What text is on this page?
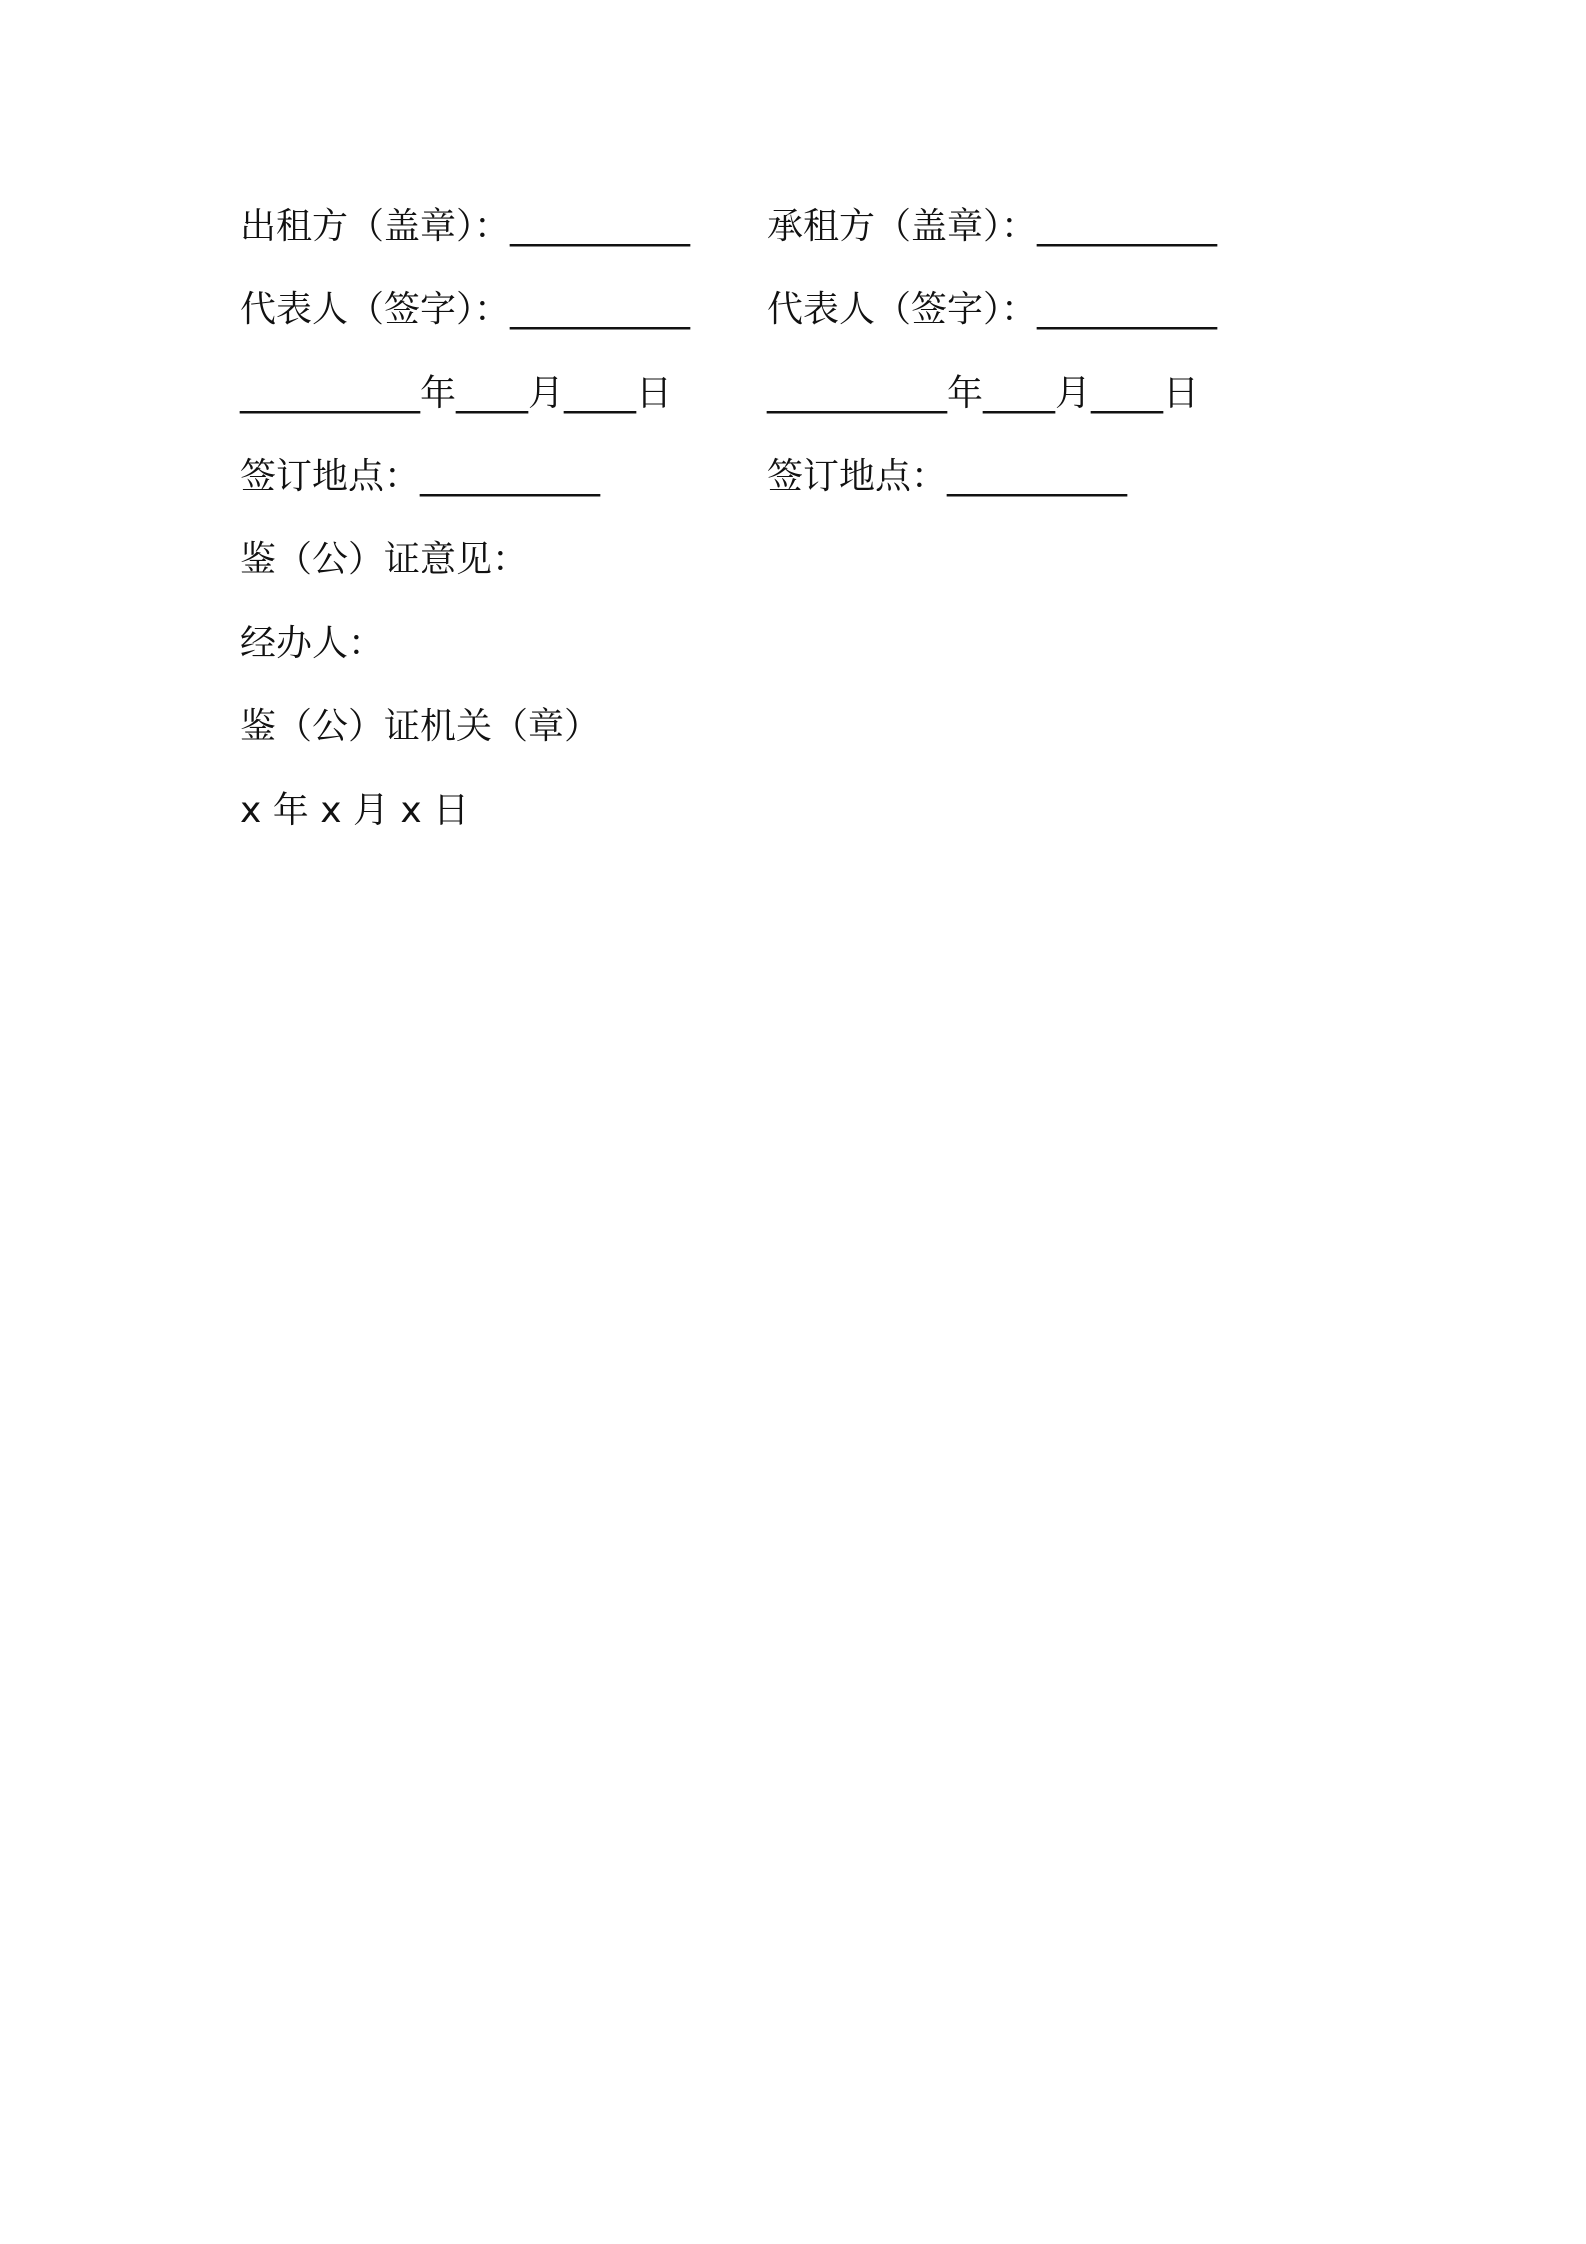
出租方（盖章）：__________ 承租方（盖章）：__________
代表人（签字）：__________ 代表人（签字）：__________
__________年____月____日	__________年____月____日
签订地点：__________	签订地点：__________
鉴（公）证意见：
经办人：
鉴（公）证机关（章）
x 年 x 月 x 日
